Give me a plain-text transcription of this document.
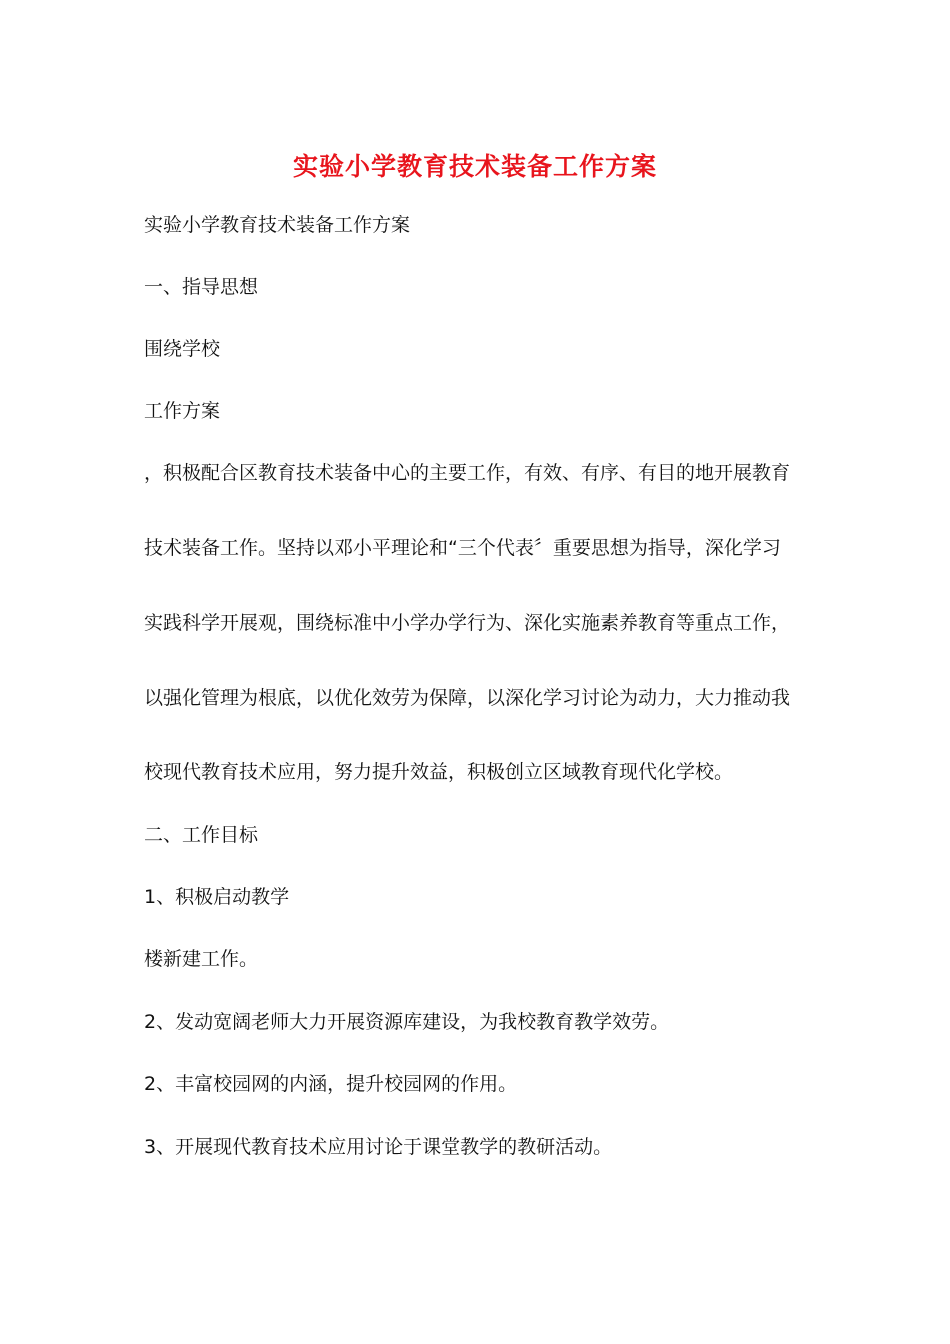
实验小学教育技术装备工作方案
实验小学教育技术装备工作方案
一、指导思想
围绕学校
工作方案
，积极配合区教育技术装备中心的主要工作，有效、有序、有目的地开展教育
技术装备工作。坚持以邓小平理论和“三个代表〞重要思想为指导，深化学习
实践科学开展观，围绕标准中小学办学行为、深化实施素养教育等重点工作，
以强化管理为根底，以优化效劳为保障，以深化学习讨论为动力，大力推动我
校现代教育技术应用，努力提升效益，积极创立区域教育现代化学校。
二、工作目标
1、积极启动教学
楼新建工作。
2、发动宽阔老师大力开展资源库建设，为我校教育教学效劳。
2、丰富校园网的内涵，提升校园网的作用。
3、开展现代教育技术应用讨论于课堂教学的教研活动。
